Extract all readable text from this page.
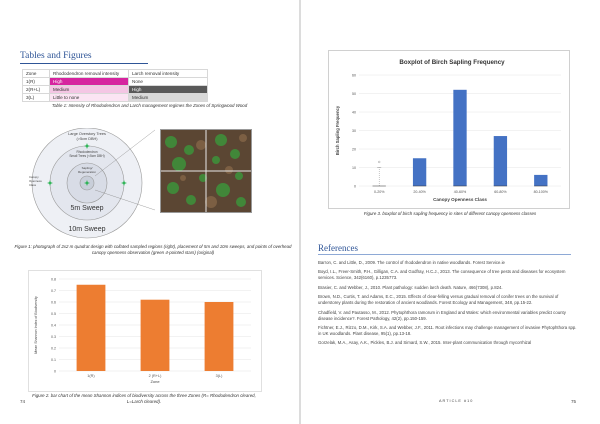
Tables and Figures
Zone	Rhododendron removal intensity	Larch removal intensity
1(R)	High	None
2(R+L)	Medium	High
3(L)	Little to none	Medium
Table 1: Intensity of Rhododendron and Larch management regimes the Zones of Springwood Wood
Large Overstory Trees
(>5cm DBH)
Rhododendron
Small Trees (<5cm DBH)
Sapling/
Regeneration
Canopy
Openness
Class
5m Sweep
10m Sweep
Figure 1: photograph of 2x2 m quadrat design with collated sampled regions (right), placement of 5m and 10m sweeps, and points of overhead canopy openness observation (green 4-pointed stars) (original)
0
0.1
0.2
0.3
0.4
0.5
0.6
0.7
0.8
1(R)	2 (R+L)	3(L)
Zone
Mean Shannon Index of Biodiversity
Figure 2. bar chart of the mean Shannon indices of biodiversity across the three Zones (R= Rhododendron cleared, L=Larch cleared).
74
Boxplot of Birch Sapling Frequency
0
10
20
30
40
50
60
0-20%	20-40%	40-60%	60-80%	80-100%
Canopy Openness Class
Birch Sapling Frequency
Figure 3. boxplot of birch sapling frequency in sites of different canopy openness classes
References

Barron, C. and Little, D., 2009. The control of rhododendron in native woodlands. Forest Service.ie

Boyd, I.L., Freer-Smith, P.H., Gilligan, C.A. and Godfray, H.C.J., 2013. The consequence of tree pests and diseases for ecosystem services. Science, 342(6160), p.1235773.

Brasier, C. and Webber, J., 2010. Plant pathology: sudden larch death. Nature, 466(7308), p.824.

Brown, N.D., Curtis, T. and Adams, E.C., 2015. Effects of clear-felling versus gradual removal of conifer trees on the survival of understorey plants during the restoration of ancient woodlands. Forest Ecology and Management, 348, pp.15-22.

Chadfield, V. and Pautasso, M., 2012. Phytophthora ramorum in England and Wales: which environmental variables predict county disease incidence?. Forest Pathology, 42(2), pp.150-159.

Fichtner, E.J., Rizzo, D.M., Kirk, S.A. and Webber, J.F., 2011. Root infections may challenge management of invasive Phytophthora spp. in UK woodlands. Plant disease, 95(1), pp.13-18.

Gorzelak, M.A., Asay, A.K., Pickles, B.J. and Simard, S.W., 2015. Inter-plant communication through mycorrhizal

ARTICLE #10	75
